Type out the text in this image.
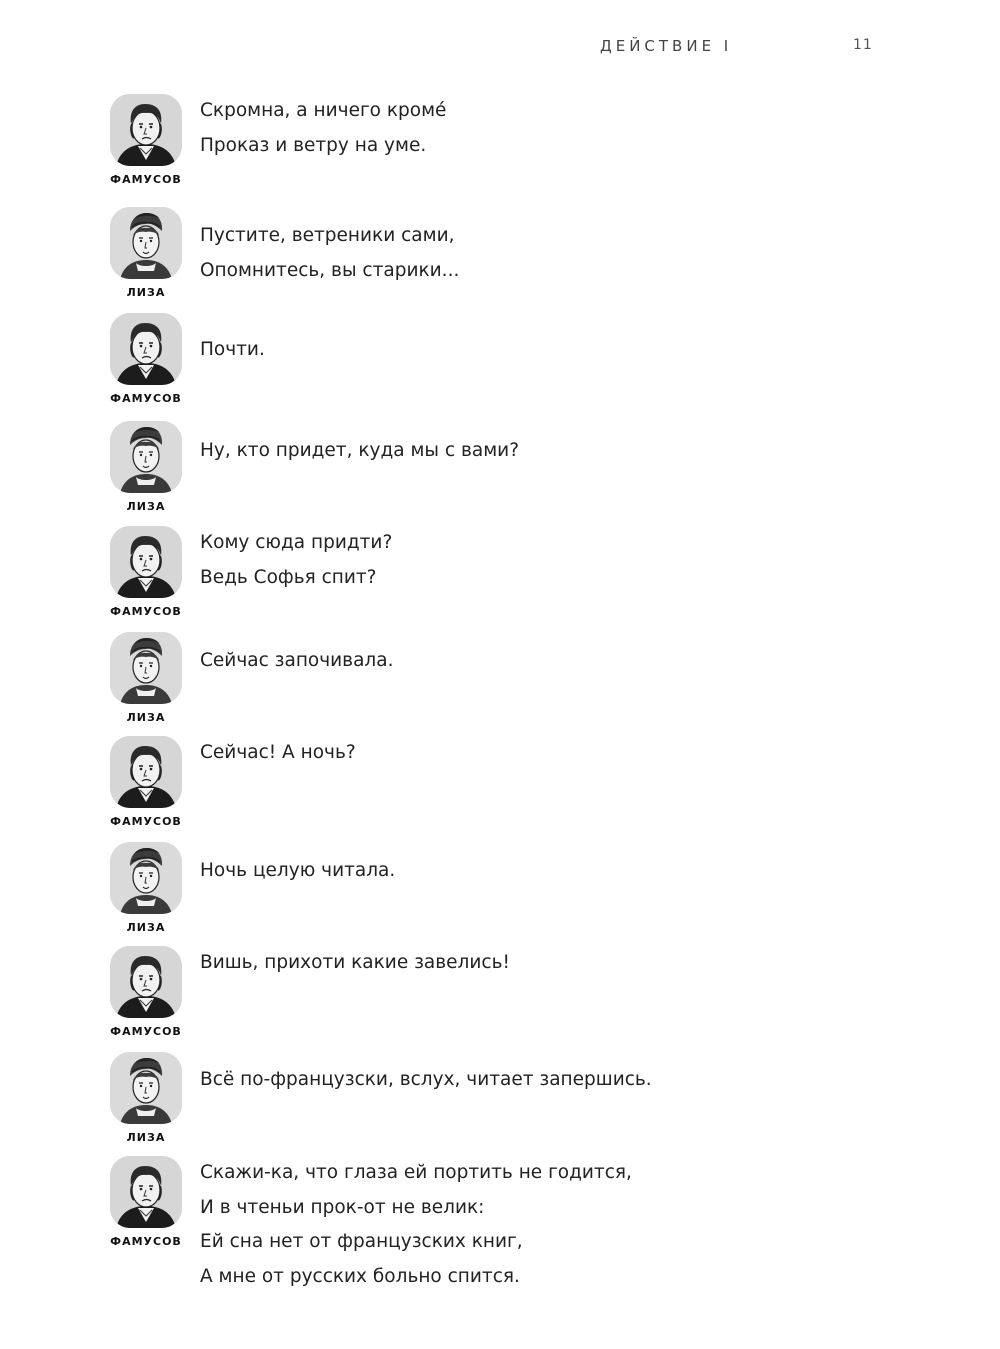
ДЕЙСТВИЕ I	11
ФАМУСОВ
Скромна, а ничего кроме́
Проказ и ветру на уме.
ЛИЗА
Пустите, ветреники сами,
Опомнитесь, вы старики...
ФАМУСОВ
Почти.
ЛИЗА
Ну, кто придет, куда мы с вами?
ФАМУСОВ
Кому сюда придти?
Ведь Софья спит?
ЛИЗА
Сейчас започивала.
ФАМУСОВ
Сейчас! А ночь?
ЛИЗА
Ночь целую читала.
ФАМУСОВ
Вишь, прихоти какие завелись!
ЛИЗА
Всё по-французски, вслух, читает запершись.
ФАМУСОВ
Скажи-ка, что глаза ей портить не годится,
И в чтеньи прок-от не велик:
Ей сна нет от французских книг,
А мне от русских больно спится.
